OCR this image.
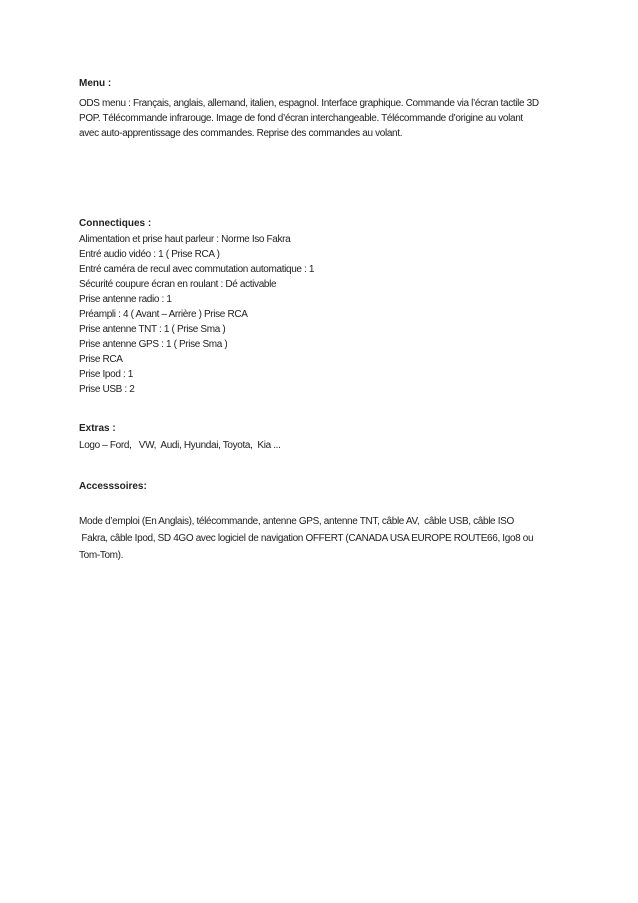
Menu :
ODS menu : Français, anglais, allemand, italien, espagnol. Interface graphique. Commande via l’écran tactile 3D
POP. Télécommande infrarouge. Image de fond d’écran interchangeable. Télécommande d’origine au volant
avec auto-apprentissage des commandes. Reprise des commandes au volant.
Connectiques :
Alimentation et prise haut parleur : Norme Iso Fakra
Entré audio vidéo : 1 ( Prise RCA )
Entré caméra de recul avec commutation automatique : 1
Sécurité coupure écran en roulant : Dé activable
Prise antenne radio : 1
Préampli : 4 ( Avant – Arrière ) Prise RCA
Prise antenne TNT : 1 ( Prise Sma )
Prise antenne GPS : 1 ( Prise Sma )
Prise RCA
Prise Ipod : 1
Prise USB : 2
Extras :
Logo – Ford,   VW,  Audi, Hyundai, Toyota,  Kia ...
Accesssoires:
Mode d’emploi (En Anglais), télécommande, antenne GPS, antenne TNT, câble AV,  câble USB, câble ISO
Fakra, câble Ipod, SD 4GO avec logiciel de navigation OFFERT (CANADA USA EUROPE ROUTE66, Igo8 ou
Tom-Tom).
